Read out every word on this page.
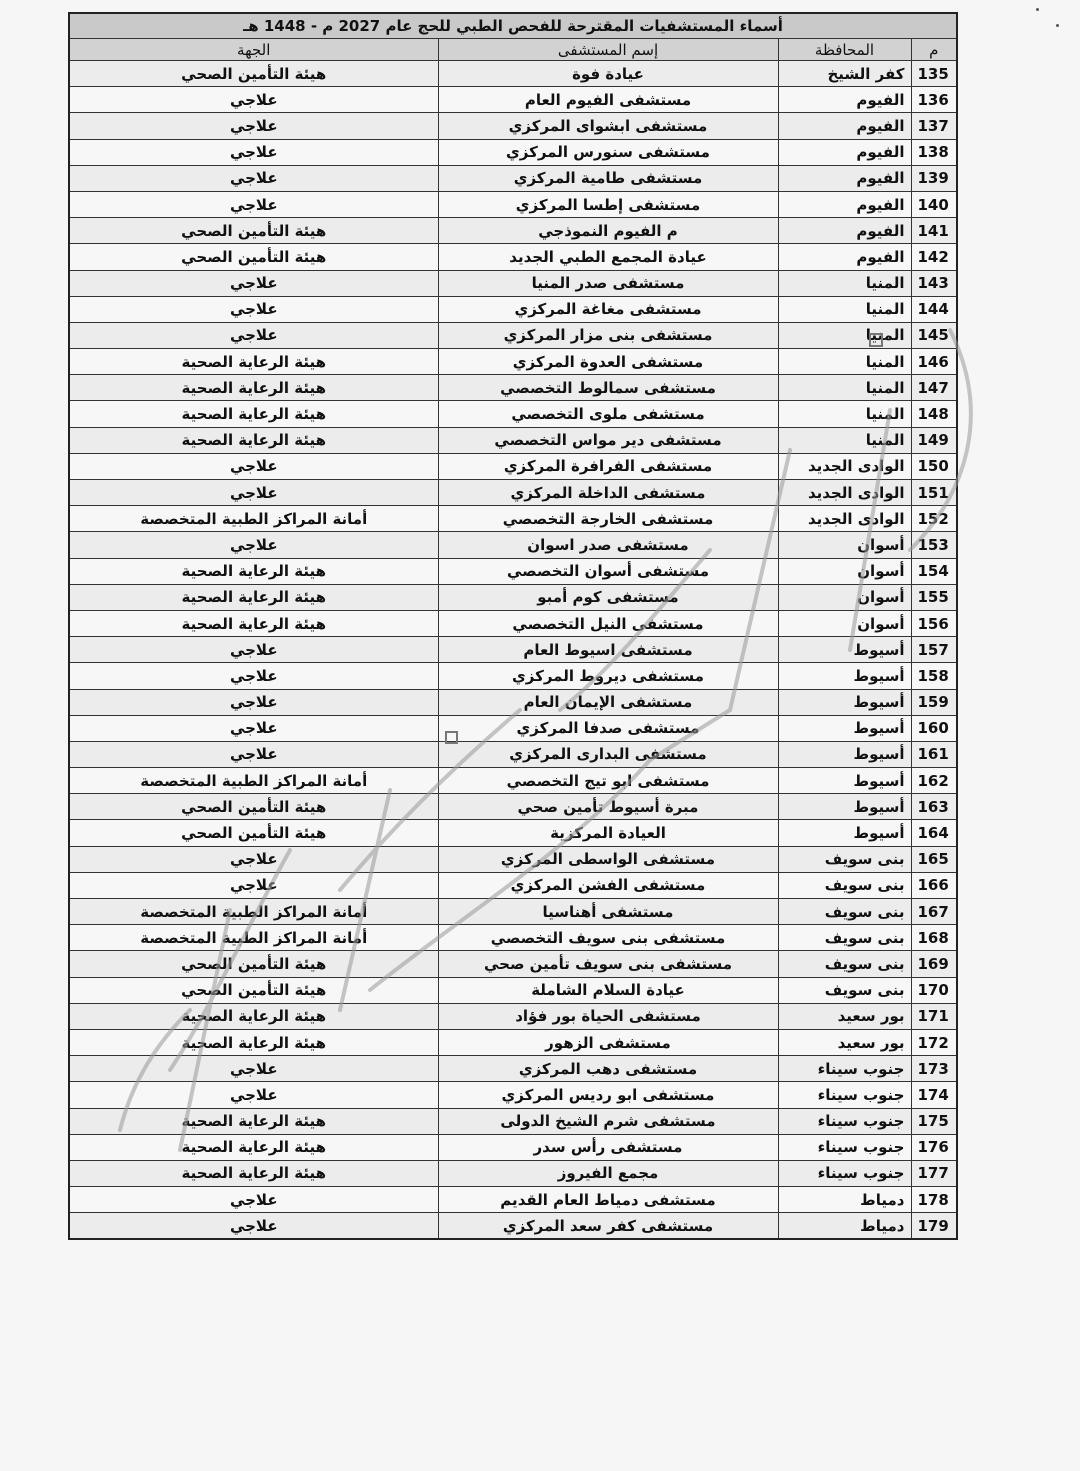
أسماء المستشفيات المقترحة للفحص الطبي للحج عام 2027 م - 1448 هـ			
م	المحافظة	إسم المستشفى	الجهة
135	كفر الشيخ	عيادة فوة	هيئة التأمين الصحي
136	الفيوم	مستشفى الفيوم العام	علاجي
137	الفيوم	مستشفى ابشواى المركزي	علاجي
138	الفيوم	مستشفى سنورس المركزي	علاجي
139	الفيوم	مستشفى طامية المركزي	علاجي
140	الفيوم	مستشفى إطسا المركزي	علاجي
141	الفيوم	م الفيوم النموذجي	هيئة التأمين الصحي
142	الفيوم	عيادة المجمع الطبي الجديد	هيئة التأمين الصحي
143	المنيا	مستشفى صدر المنيا	علاجي
144	المنيا	مستشفى مغاغة المركزي	علاجي
145	المنيا	مستشفى بنى مزار المركزي	علاجي
146	المنيا	مستشفى العدوة المركزي	هيئة الرعاية الصحية
147	المنيا	مستشفى سمالوط التخصصي	هيئة الرعاية الصحية
148	المنيا	مستشفى ملوى التخصصي	هيئة الرعاية الصحية
149	المنيا	مستشفى دير مواس التخصصي	هيئة الرعاية الصحية
150	الوادى الجديد	مستشفى الفرافرة المركزي	علاجي
151	الوادى الجديد	مستشفى الداخلة المركزي	علاجي
152	الوادى الجديد	مستشفى الخارجة التخصصي	أمانة المراكز الطبية المتخصصة
153	أسوان	مستشفى صدر اسوان	علاجي
154	أسوان	مستشفى أسوان التخصصي	هيئة الرعاية الصحية
155	أسوان	مستشفى كوم أمبو	هيئة الرعاية الصحية
156	أسوان	مستشفى النيل التخصصي	هيئة الرعاية الصحية
157	أسيوط	مستشفى اسيوط العام	علاجي
158	أسيوط	مستشفى ديروط المركزي	علاجي
159	أسيوط	مستشفى الإيمان العام	علاجي
160	أسيوط	مستشفى صدفا المركزي	علاجي
161	أسيوط	مستشفى البدارى المركزي	علاجي
162	أسيوط	مستشفى ابو تيج التخصصي	أمانة المراكز الطبية المتخصصة
163	أسيوط	مبرة أسيوط تأمين صحي	هيئة التأمين الصحي
164	أسيوط	العيادة المركزية	هيئة التأمين الصحي
165	بنى سويف	مستشفى الواسطى المركزي	علاجي
166	بنى سويف	مستشفى الفشن المركزي	علاجي
167	بنى سويف	مستشفى أهناسيا	أمانة المراكز الطبية المتخصصة
168	بنى سويف	مستشفى بنى سويف التخصصي	أمانة المراكز الطبية المتخصصة
169	بنى سويف	مستشفى بنى سويف تأمين صحي	هيئة التأمين الصحي
170	بنى سويف	عيادة السلام الشاملة	هيئة التأمين الصحي
171	بور سعيد	مستشفى الحياة بور فؤاد	هيئة الرعاية الصحية
172	بور سعيد	مستشفى الزهور	هيئة الرعاية الصحية
173	جنوب سيناء	مستشفى دهب المركزي	علاجي
174	جنوب سيناء	مستشفى ابو رديس المركزي	علاجي
175	جنوب سيناء	مستشفى شرم الشيخ الدولى	هيئة الرعاية الصحية
176	جنوب سيناء	مستشفى رأس سدر	هيئة الرعاية الصحية
177	جنوب سيناء	مجمع الفيروز	هيئة الرعاية الصحية
178	دمياط	مستشفى دمياط العام القديم	علاجي
179	دمياط	مستشفى كفر سعد المركزي	علاجي
